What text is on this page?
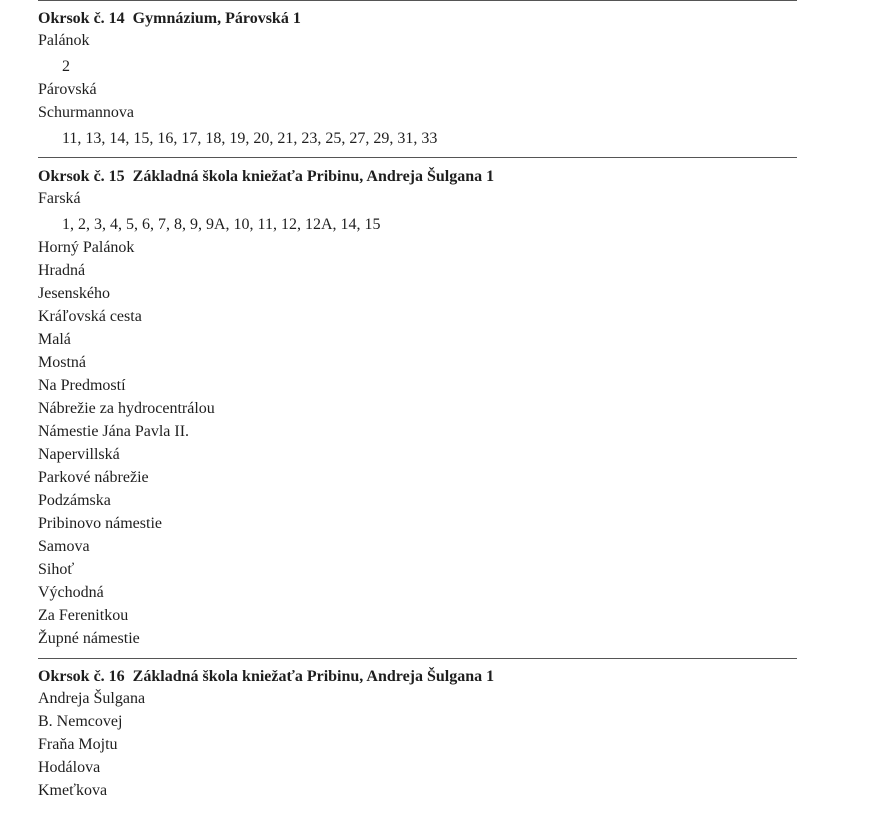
Okrsok č. 14 Gymnázium, Párovská 1
Palánok
2
Párovská
Schurmannova
11, 13, 14, 15, 16, 17, 18, 19, 20, 21, 23, 25, 27, 29, 31, 33
Okrsok č. 15 Základná škola kniežaťa Pribinu, Andreja Šulgana 1
Farská
1, 2, 3, 4, 5, 6, 7, 8, 9, 9A, 10, 11, 12, 12A, 14, 15
Horný Palánok
Hradná
Jesenského
Kráľovská cesta
Malá
Mostná
Na Predmostí
Nábrežie za hydrocentrálou
Námestie Jána Pavla II.
Napervillská
Parkové nábrežie
Podzámska
Pribinovo námestie
Samova
Sihoť
Východná
Za Ferenitkou
Župné námestie
Okrsok č. 16 Základná škola kniežaťa Pribinu, Andreja Šulgana 1
Andreja Šulgana
B. Nemcovej
Fraňa Mojtu
Hodálova
Kmeťkova
